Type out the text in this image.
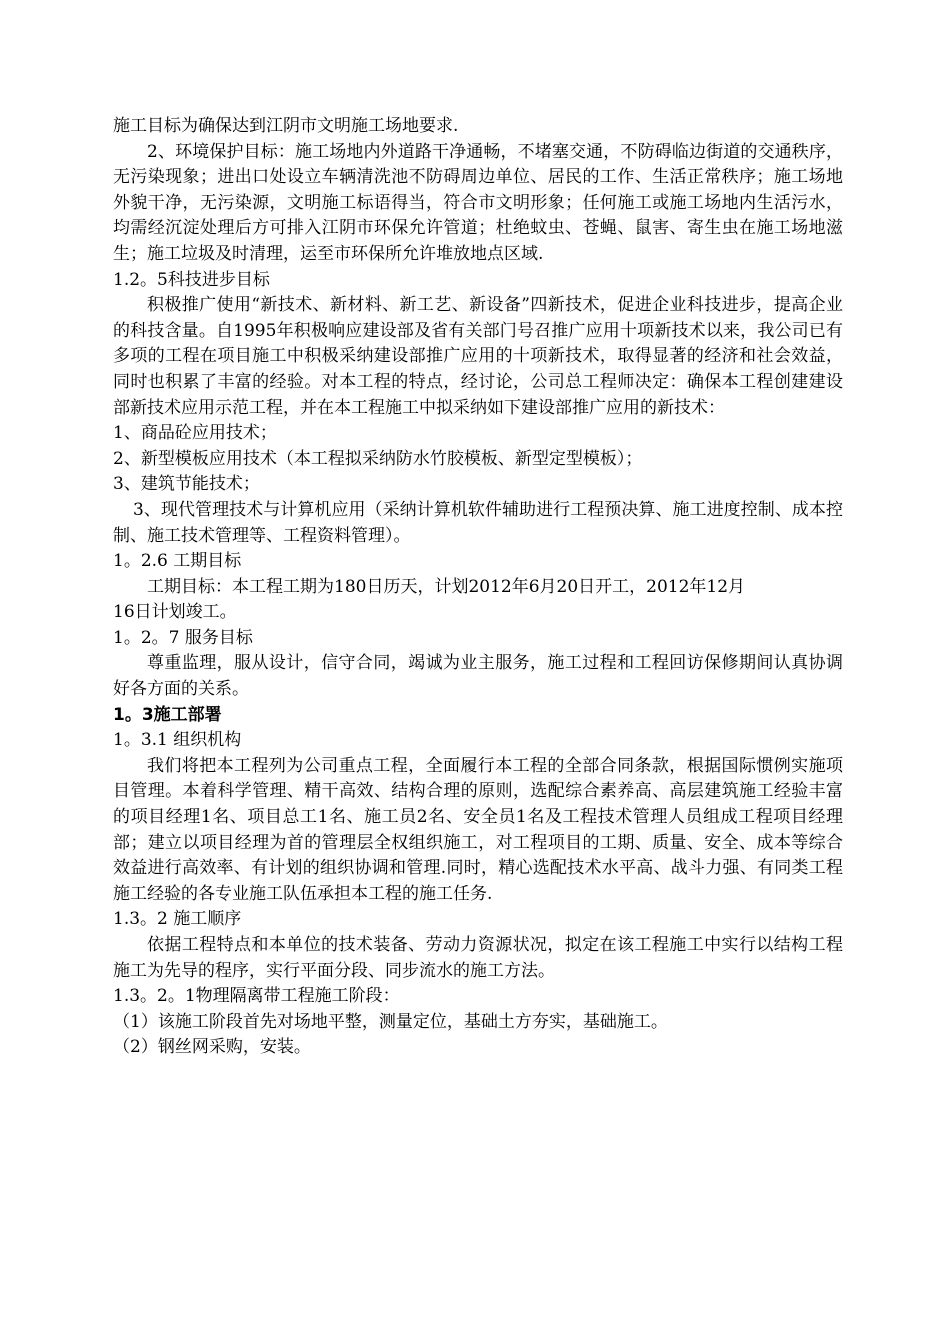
施工目标为确保达到江阴市文明施工场地要求.

2、环境保护目标：施工场地内外道路干净通畅，不堵塞交通，不防碍临边街道的交通秩序，无污染现象；进出口处设立车辆清洗池不防碍周边单位、居民的工作、生活正常秩序；施工场地外貌干净，无污染源，文明施工标语得当，符合市文明形象；任何施工或施工场地内生活污水，均需经沉淀处理后方可排入江阴市环保允许管道；杜绝蚊虫、苍蝇、鼠害、寄生虫在施工场地滋生；施工垃圾及时清理，运至市环保所允许堆放地点区域.

1.2。5科技进步目标

积极推广使用“新技术、新材料、新工艺、新设备”四新技术，促进企业科技进步，提高企业的科技含量。自1995年积极响应建设部及省有关部门号召推广应用十项新技术以来，我公司已有多项的工程在项目施工中积极采纳建设部推广应用的十项新技术，取得显著的经济和社会效益，同时也积累了丰富的经验。对本工程的特点，经讨论，公司总工程师决定：确保本工程创建建设部新技术应用示范工程，并在本工程施工中拟采纳如下建设部推广应用的新技术：

1、商品砼应用技术；

2、新型模板应用技术（本工程拟采纳防水竹胶模板、新型定型模板）；

3、建筑节能技术；

3、现代管理技术与计算机应用（采纳计算机软件辅助进行工程预决算、施工进度控制、成本控制、施工技术管理等、工程资料管理）。

1。2.6 工期目标

工期目标：本工程工期为180日历天，计划2012年6月20日开工，2012年12月

16日计划竣工。

1。2。7 服务目标

尊重监理，服从设计，信守合同，竭诚为业主服务，施工过程和工程回访保修期间认真协调好各方面的关系。

1。3施工部署

1。3.1 组织机构

我们将把本工程列为公司重点工程，全面履行本工程的全部合同条款，根据国际惯例实施项目管理。本着科学管理、精干高效、结构合理的原则，选配综合素养高、高层建筑施工经验丰富的项目经理1名、项目总工1名、施工员2名、安全员1名及工程技术管理人员组成工程项目经理部；建立以项目经理为首的管理层全权组织施工，对工程项目的工期、质量、安全、成本等综合效益进行高效率、有计划的组织协调和管理.同时，精心选配技术水平高、战斗力强、有同类工程施工经验的各专业施工队伍承担本工程的施工任务.

1.3。2 施工顺序

依据工程特点和本单位的技术装备、劳动力资源状况，拟定在该工程施工中实行以结构工程施工为先导的程序，实行平面分段、同步流水的施工方法。

1.3。2。1物理隔离带工程施工阶段：

（1）该施工阶段首先对场地平整，测量定位，基础土方夯实，基础施工。

（2）钢丝网采购，安装。
